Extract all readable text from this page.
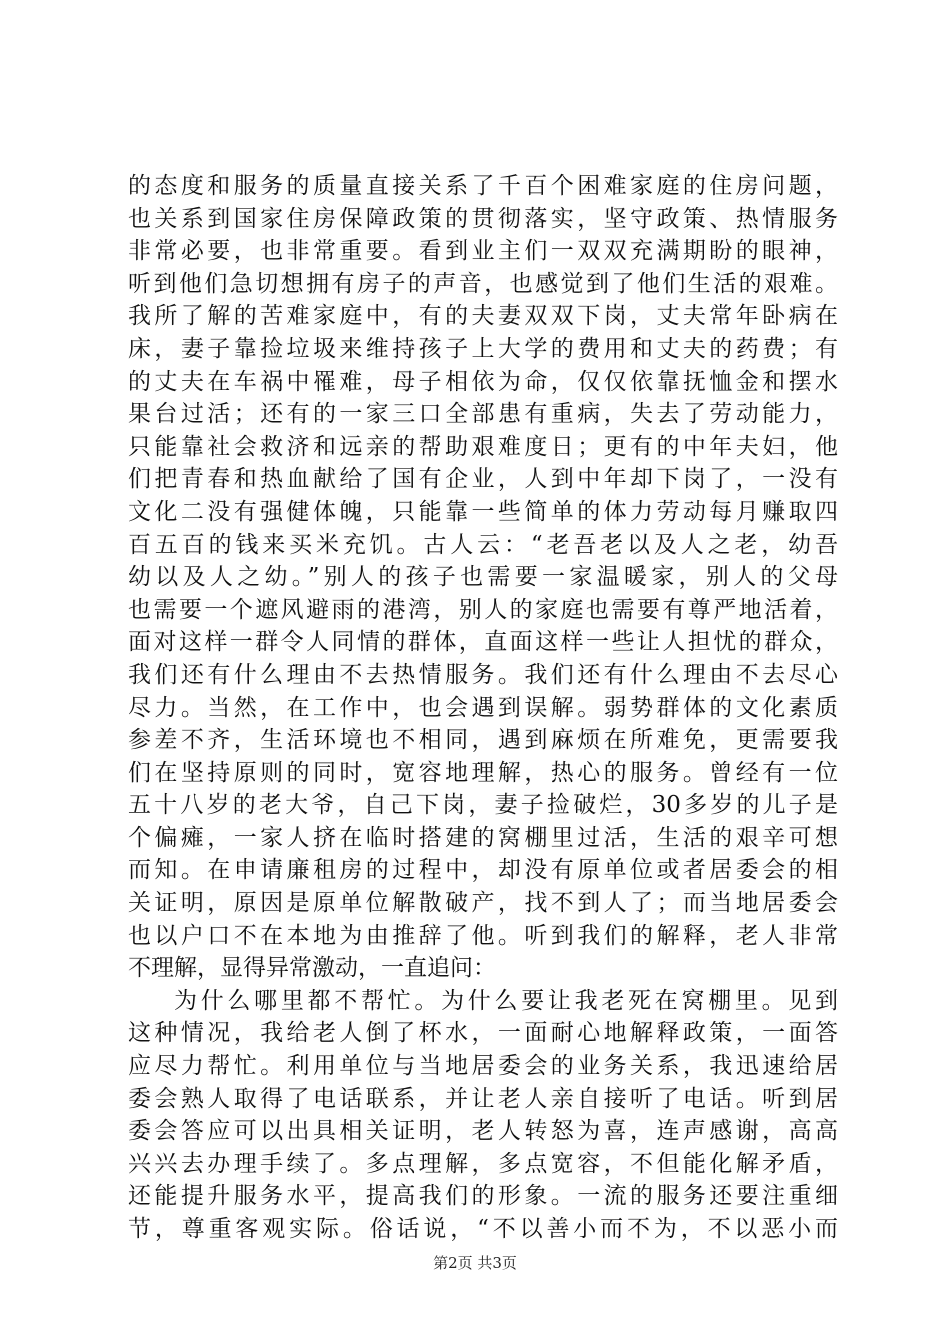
的态度和服务的质量直接关系了千百个困难家庭的住房问题，
也关系到国家住房保障政策的贯彻落实，坚守政策、热情服务
非常必要，也非常重要。看到业主们一双双充满期盼的眼神，
听到他们急切想拥有房子的声音，也感觉到了他们生活的艰难。
我所了解的苦难家庭中，有的夫妻双双下岗，丈夫常年卧病在
床，妻子靠捡垃圾来维持孩子上大学的费用和丈夫的药费；有
的丈夫在车祸中罹难，母子相依为命，仅仅依靠抚恤金和摆水
果台过活；还有的一家三口全部患有重病，失去了劳动能力，
只能靠社会救济和远亲的帮助艰难度日；更有的中年夫妇，他
们把青春和热血献给了国有企业，人到中年却下岗了，一没有
文化二没有强健体魄，只能靠一些简单的体力劳动每月赚取四
百五百的钱来买米充饥。古人云：“老吾老以及人之老，幼吾
幼以及人之幼。”别人的孩子也需要一家温暖家，别人的父母
也需要一个遮风避雨的港湾，别人的家庭也需要有尊严地活着，
面对这样一群令人同情的群体，直面这样一些让人担忧的群众，
我们还有什么理由不去热情服务。我们还有什么理由不去尽心
尽力。当然，在工作中，也会遇到误解。弱势群体的文化素质
参差不齐，生活环境也不相同，遇到麻烦在所难免，更需要我
们在坚持原则的同时，宽容地理解，热心的服务。曾经有一位
五十八岁的老大爷，自己下岗，妻子捡破烂，30多岁的儿子是
个偏瘫，一家人挤在临时搭建的窝棚里过活，生活的艰辛可想
而知。在申请廉租房的过程中，却没有原单位或者居委会的相
关证明，原因是原单位解散破产，找不到人了；而当地居委会
也以户口不在本地为由推辞了他。听到我们的解释，老人非常
不理解，显得异常激动，一直追问：
为什么哪里都不帮忙。为什么要让我老死在窝棚里。见到
这种情况，我给老人倒了杯水，一面耐心地解释政策，一面答
应尽力帮忙。利用单位与当地居委会的业务关系，我迅速给居
委会熟人取得了电话联系，并让老人亲自接听了电话。听到居
委会答应可以出具相关证明，老人转怒为喜，连声感谢，高高
兴兴去办理手续了。多点理解，多点宽容，不但能化解矛盾，
还能提升服务水平，提高我们的形象。一流的服务还要注重细
节，尊重客观实际。俗话说，“不以善小而不为，不以恶小而
第2页 共3页
